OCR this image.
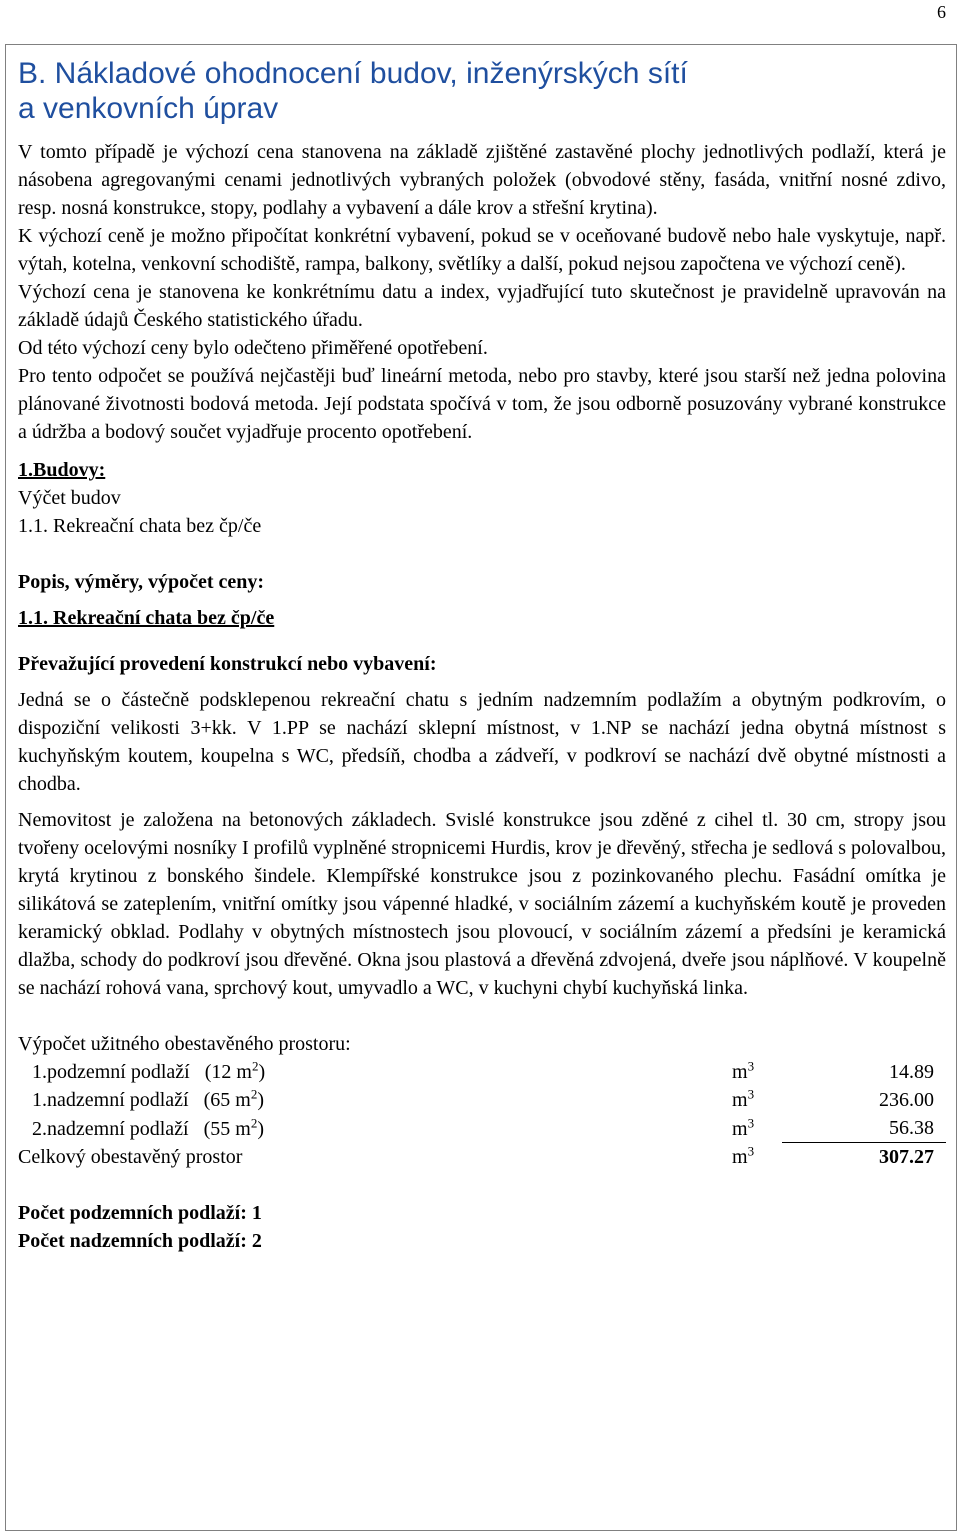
6
B. Nákladové ohodnocení budov, inženýrských sítí
a venkovních úprav

V tomto případě je výchozí cena stanovena na základě zjištěné zastavěné plochy jednotlivých podlaží, která je násobena agregovanými cenami jednotlivých vybraných položek (obvodové stěny, fasáda, vnitřní nosné zdivo, resp. nosná konstrukce, stopy, podlahy a vybavení a dále krov a střešní krytina).

K výchozí ceně je možno připočítat konkrétní vybavení, pokud se v oceňované budově nebo hale vyskytuje, např. výtah, kotelna, venkovní schodiště, rampa, balkony, světlíky a další, pokud nejsou započtena ve výchozí ceně).

Výchozí cena je stanovena ke konkrétnímu datu a index, vyjadřující tuto skutečnost je pravidelně upravován na základě údajů Českého statistického úřadu.

Od této výchozí ceny bylo odečteno přiměřené opotřebení.

Pro tento odpočet se používá nejčastěji buď lineární metoda, nebo pro stavby, které jsou starší než jedna polovina plánované životnosti bodová metoda. Její podstata spočívá v tom, že jsou odborně posuzovány vybrané konstrukce a údržba a bodový součet vyjadřuje procento opotřebení.

1.Budovy:

Výčet budov

1.1. Rekreační chata bez čp/če

Popis, výměry, výpočet ceny:

1.1. Rekreační chata bez čp/če

Převažující provedení konstrukcí nebo vybavení:

Jedná se o částečně podsklepenou rekreační chatu s jedním nadzemním podlažím a obytným podkrovím, o dispoziční velikosti 3+kk. V 1.PP se nachází sklepní místnost, v 1.NP se nachází jedna obytná místnost s kuchyňským koutem, koupelna s WC, předsíň, chodba a zádveří, v podkroví se nachází dvě obytné místnosti a chodba.

Nemovitost je založena na betonových základech. Svislé konstrukce jsou zděné z cihel tl. 30 cm, stropy jsou tvořeny ocelovými nosníky I profilů vyplněné stropnicemi Hurdis, krov je dřevěný, střecha je sedlová s polovalbou, krytá krytinou z bonského šindele. Klempířské konstrukce jsou z pozinkovaného plechu. Fasádní omítka je silikátová se zateplením, vnitřní omítky jsou vápenné hladké, v sociálním zázemí a kuchyňském koutě je proveden keramický obklad. Podlahy v obytných místnostech jsou plovoucí, v sociálním zázemí a předsíni je keramická dlažba, schody do podkroví jsou dřevěné. Okna jsou plastová a dřevěná zdvojená, dveře jsou náplňové. V koupelně se nachází rohová vana, sprchový kout, umyvadlo a WC, v kuchyni chybí kuchyňská linka.

Výpočet užitného obestavěného prostoru:

1.podzemní podlaží (12 $m^2$)	$m^3$	14.89
1.nadzemní podlaží (65 $m^2$)	$m^3$	236.00
2.nadzemní podlaží (55 $m^2$)	$m^3$	56.38
Celkový obestavěný prostor	$m^3$	307.27

Počet podzemních podlaží: 1

Počet nadzemních podlaží: 2
